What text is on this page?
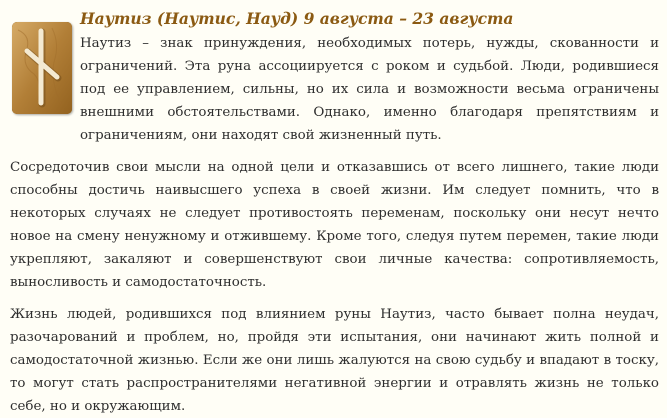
Наутиз (Наутис, Науд) 9 августа – 23 августа

Наутиз – знак принуждения, необходимых потерь, нужды, скованности и ограничений. Эта руна ассоциируется с роком и судьбой. Люди, родившиеся под ее управлением, сильны, но их сила и возможности весьма ограничены внешними обстоятельствами. Однако, именно благодаря препятствиям и ограничениям, они находят свой жизненный путь.

Сосредоточив свои мысли на одной цели и отказавшись от всего лишнего, такие люди способны достичь наивысшего успеха в своей жизни. Им следует помнить, что в некоторых случаях не следует противостоять переменам, поскольку они несут нечто новое на смену ненужному и отжившему. Кроме того, следуя путем перемен, такие люди укрепляют, закаляют и совершенствуют свои личные качества: сопротивляемость, выносливость и самодостаточность.

Жизнь людей, родившихся под влиянием руны Наутиз, часто бывает полна неудач, разочарований и проблем, но, пройдя эти испытания, они начинают жить полной и самодостаточной жизнью. Если же они лишь жалуются на свою судьбу и впадают в тоску, то могут стать распространителями негативной энергии и отравлять жизнь не только себе, но и окружающим.
